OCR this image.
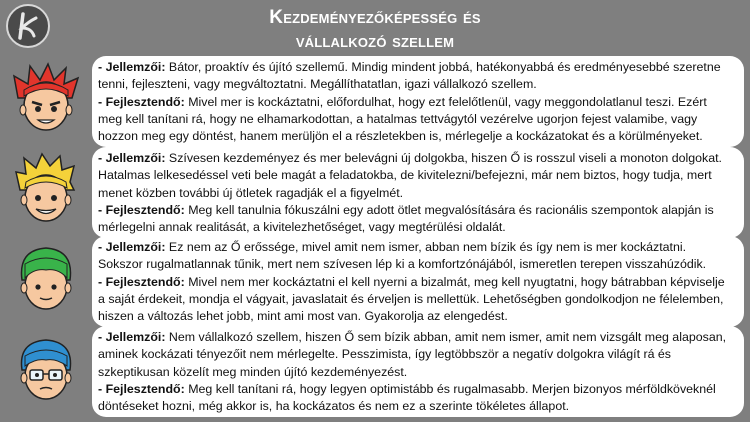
Kezdeményezőképesség és
vállalkozó szellem

- Jellemzői: Bátor, proaktív és újító szellemű. Mindig mindent jobbá, hatékonyabbá és eredményesebbé szeretne tenni, fejleszteni, vagy megváltoztatni. Megállíthatatlan, igazi vállalkozó szellem.

- Fejlesztendő: Mivel mer is kockáztatni, előfordulhat, hogy ezt felelőtlenül, vagy meggondolatlanul teszi. Ezért meg kell tanítani rá, hogy ne elhamarkodottan, a hatalmas tettvágytól vezérelve ugorjon fejest valamibe, vagy hozzon meg egy döntést, hanem merüljön el a részletekben is, mérlegelje a kockázatokat és a körülményeket.

- Jellemzői: Szívesen kezdeményez és mer belevágni új dolgokba, hiszen Ő is rosszul viseli a monoton dolgokat. Hatalmas lelkesedéssel veti bele magát a feladatokba, de kivitelezni/befejezni, már nem biztos, hogy tudja, mert menet közben további új ötletek ragadják el a figyelmét.

- Fejlesztendő: Meg kell tanulnia fókuszálni egy adott ötlet megvalósítására és racionális szempontok alapján is mérlegelni annak realitását, a kivitelezhetőséget, vagy megtérülési oldalát.

- Jellemzői: Ez nem az Ő erőssége, mivel amit nem ismer, abban nem bízik és így nem is mer kockáztatni. Sokszor rugalmatlannak tűnik, mert nem szívesen lép ki a komfortzónájából, ismeretlen terepen visszahúzódik.

- Fejlesztendő: Mivel nem mer kockáztatni el kell nyerni a bizalmát, meg kell nyugtatni, hogy bátrabban képviselje a saját érdekeit, mondja el vágyait, javaslatait és érveljen is mellettük. Lehetőségben gondolkodjon ne félelemben, hiszen a változás lehet jobb, mint ami most van. Gyakorolja az elengedést.

- Jellemzői: Nem vállalkozó szellem, hiszen Ő sem bízik abban, amit nem ismer, amit nem vizsgált meg alaposan, aminek kockázati tényezőit nem mérlegelte. Pesszimista, így legtöbbször a negatív dolgokra világít rá és szkeptikusan közelít meg minden újító kezdeményezést.

- Fejlesztendő: Meg kell tanítani rá, hogy legyen optimistább és rugalmasabb. Merjen bizonyos mérföldköveknél döntéseket hozni, még akkor is, ha kockázatos és nem ez a szerinte tökéletes állapot.
